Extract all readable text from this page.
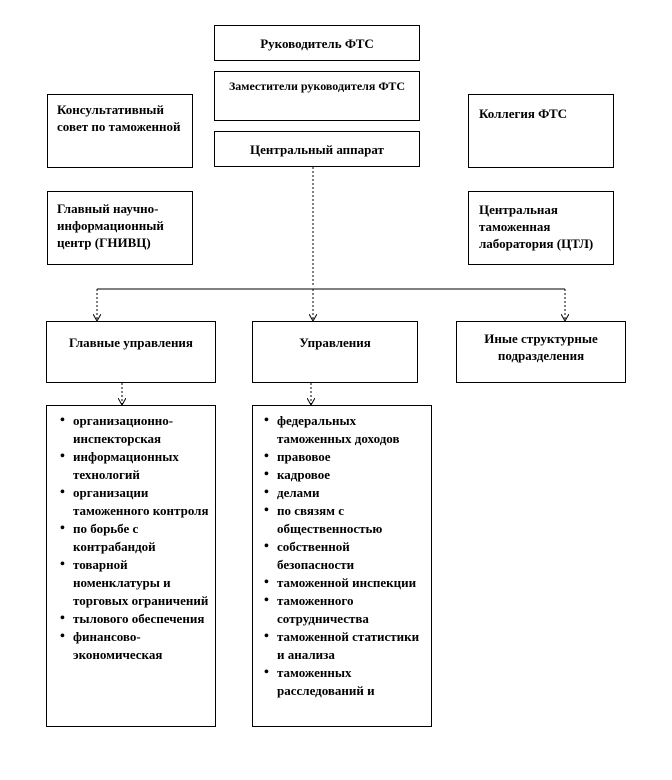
Руководитель ФТС
Заместители руководителя ФТС
Центральный аппарат
Консультативный совет по таможенной
Главный научно-информационный центр (ГНИВЦ)
Коллегия ФТС
Центральная таможенная лаборатория (ЦТЛ)
Главные управления	Управления	Иные структурные подразделения
• организационно-инспекторская
• информационных технологий
• организации таможенного контроля
• по борьбе с контрабандой
• товарной номенклатуры и торговых ограничений
• тылового обеспечения
• финансово-экономическая
• федеральных таможенных доходов
• правовое
• кадровое
• делами
• по связям с общественностью
• собственной безопасности
• таможенной инспекции
• таможенного сотрудничества
• таможенной статистики и анализа
• таможенных расследований и
